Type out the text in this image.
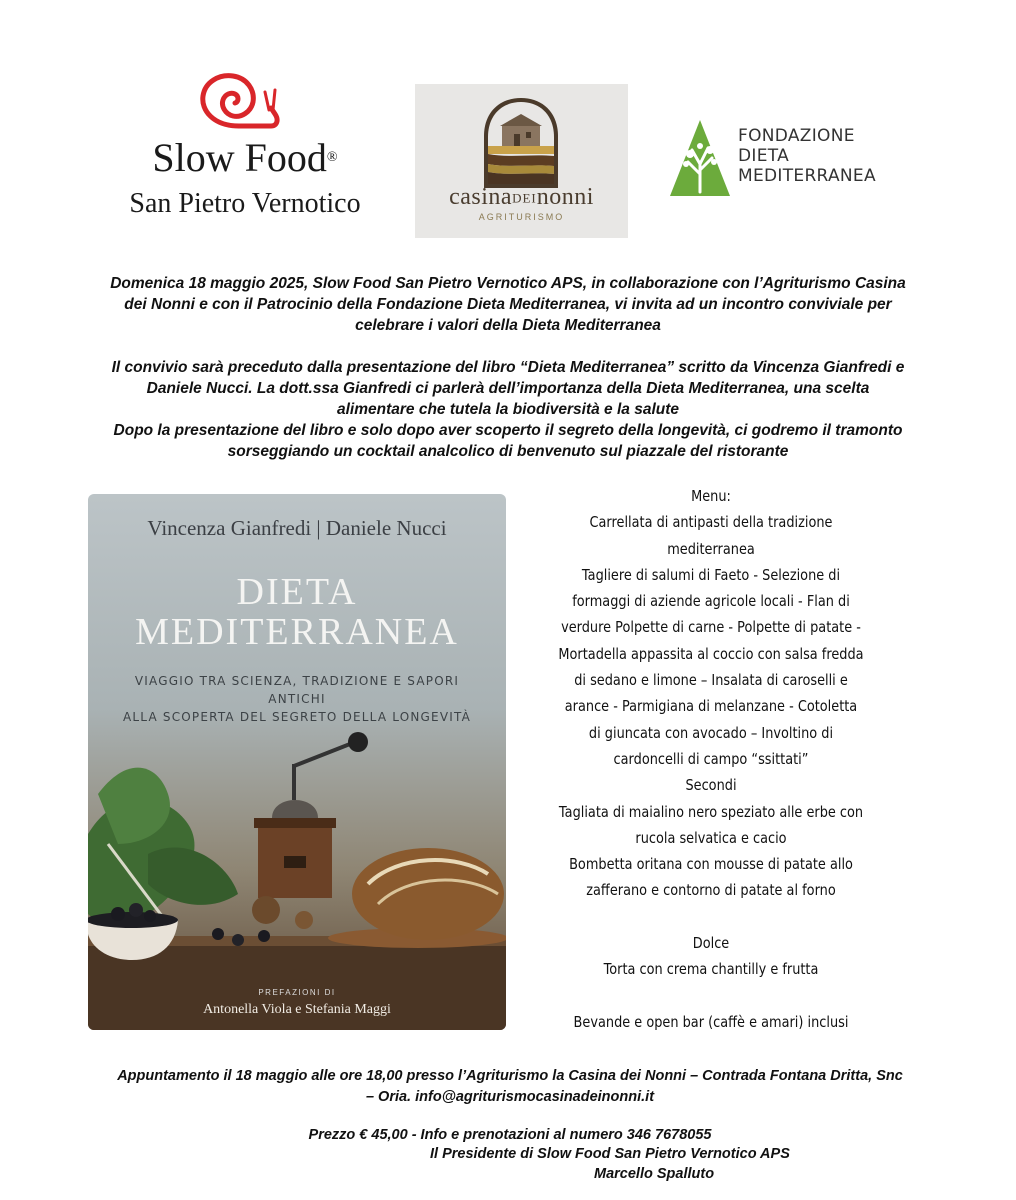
Slow Food®
San Pietro Vernotico	casinaDEInonni
AGRITURISMO
FONDAZIONE
DIETA
MEDITERRANEA

Domenica 18 maggio 2025, Slow Food San Pietro Vernotico APS, in collaborazione con l’Agriturismo Casina

dei Nonni e con il Patrocinio della Fondazione Dieta Mediterranea, vi invita ad un incontro conviviale per

celebrare i valori della Dieta Mediterranea

Il convivio sarà preceduto dalla presentazione del libro “Dieta Mediterranea” scritto da Vincenza Gianfredi e

Daniele Nucci. La dott.ssa Gianfredi ci parlerà dell’importanza della Dieta Mediterranea, una scelta

alimentare che tutela la biodiversità e la salute

Dopo la presentazione del libro e solo dopo aver scoperto il segreto della longevità, ci godremo il tramonto

sorseggiando un cocktail analcolico di benvenuto sul piazzale del ristorante

Vincenza Gianfredi | Daniele Nucci
DIETA
MEDITERRANEA
VIAGGIO TRA SCIENZA, TRADIZIONE E SAPORI ANTICHI
ALLA SCOPERTA DEL SEGRETO DELLA LONGEVITÀ
PREFAZIONI DI
Antonella Viola e Stefania Maggi
Menu:
Carrellata di antipasti della tradizione
mediterranea
Tagliere di salumi di Faeto - Selezione di
formaggi di aziende agricole locali - Flan di
verdure Polpette di carne - Polpette di patate -
Mortadella appassita al coccio con salsa fredda
di sedano e limone – Insalata di caroselli e
arance - Parmigiana di melanzane - Cotoletta
di giuncata con avocado – Involtino di
cardoncelli di campo “ssittati”
Secondi
Tagliata di maialino nero speziato alle erbe con
rucola selvatica e cacio
Bombetta oritana con mousse di patate allo
zafferano e contorno di patate al forno

Dolce
Torta con crema chantilly e frutta

Bevande e open bar (caffè e amari) inclusi
Appuntamento il 18 maggio alle ore 18,00 presso l’Agriturismo la Casina dei Nonni – Contrada Fontana Dritta, Snc
– Oria. info@agriturismocasinadeinonni.it
Prezzo € 45,00 - Info e prenotazioni al numero 346 7678055
Il Presidente di Slow Food San Pietro Vernotico APS
Marcello Spalluto
